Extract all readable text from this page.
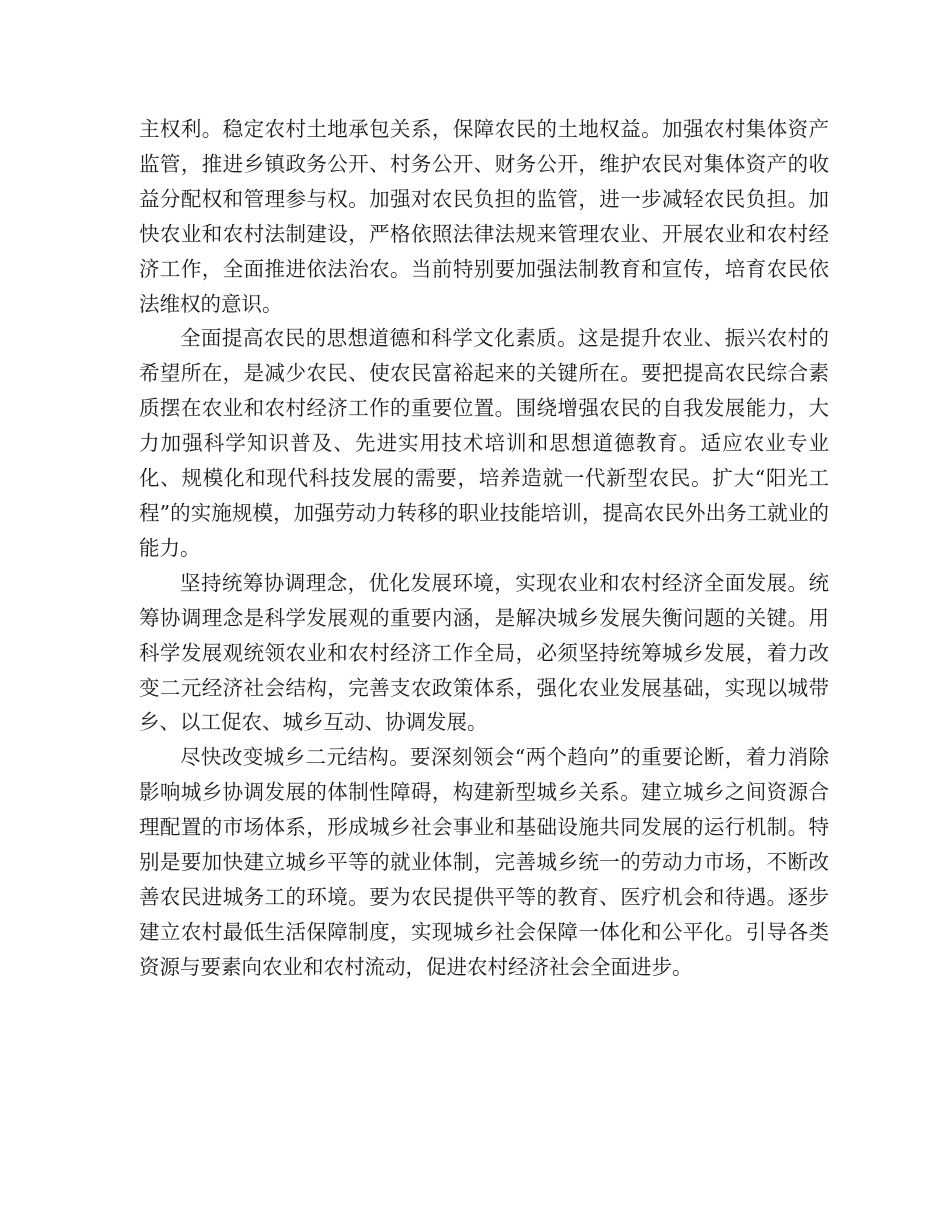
主权利。稳定农村土地承包关系，保障农民的土地权益。加强农村集体资产监管，推进乡镇政务公开、村务公开、财务公开，维护农民对集体资产的收益分配权和管理参与权。加强对农民负担的监管，进一步减轻农民负担。加快农业和农村法制建设，严格依照法律法规来管理农业、开展农业和农村经济工作，全面推进依法治农。当前特别要加强法制教育和宣传，培育农民依法维权的意识。

全面提高农民的思想道德和科学文化素质。这是提升农业、振兴农村的希望所在，是减少农民、使农民富裕起来的关键所在。要把提高农民综合素质摆在农业和农村经济工作的重要位置。围绕增强农民的自我发展能力，大力加强科学知识普及、先进实用技术培训和思想道德教育。适应农业专业化、规模化和现代科技发展的需要，培养造就一代新型农民。扩大“阳光工程”的实施规模，加强劳动力转移的职业技能培训，提高农民外出务工就业的能力。

坚持统筹协调理念，优化发展环境，实现农业和农村经济全面发展。统筹协调理念是科学发展观的重要内涵，是解决城乡发展失衡问题的关键。用科学发展观统领农业和农村经济工作全局，必须坚持统筹城乡发展，着力改变二元经济社会结构，完善支农政策体系，强化农业发展基础，实现以城带乡、以工促农、城乡互动、协调发展。

尽快改变城乡二元结构。要深刻领会“两个趋向”的重要论断，着力消除影响城乡协调发展的体制性障碍，构建新型城乡关系。建立城乡之间资源合理配置的市场体系，形成城乡社会事业和基础设施共同发展的运行机制。特别是要加快建立城乡平等的就业体制，完善城乡统一的劳动力市场，不断改善农民进城务工的环境。要为农民提供平等的教育、医疗机会和待遇。逐步建立农村最低生活保障制度，实现城乡社会保障一体化和公平化。引导各类资源与要素向农业和农村流动，促进农村经济社会全面进步。
